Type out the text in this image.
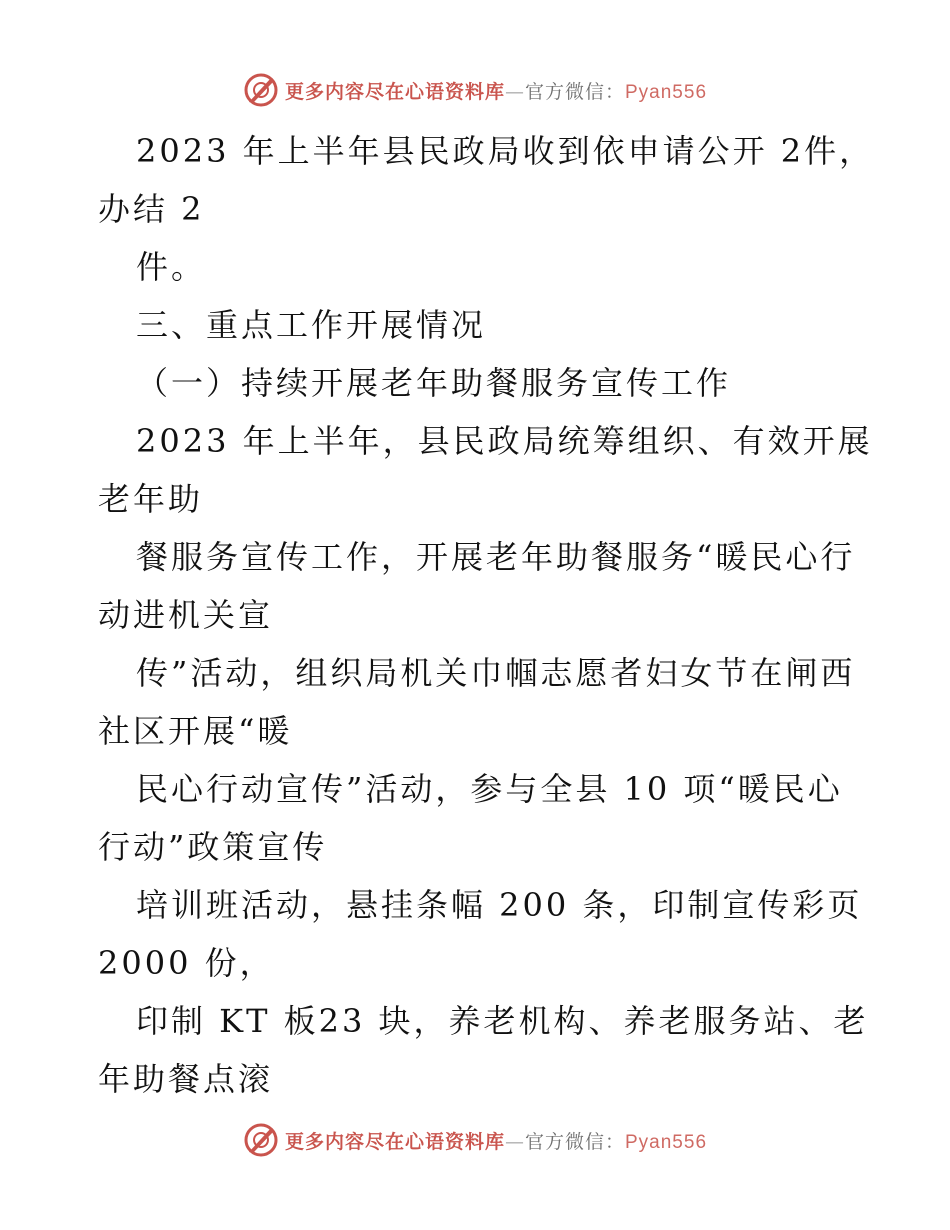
更多内容尽在心语资料库—官方微信：Pyan556
2023 年上半年县民政局收到依申请公开 2件，
办结 2
件。
三、重点工作开展情况
（一）持续开展老年助餐服务宣传工作
2023 年上半年，县民政局统筹组织、有效开展
老年助
餐服务宣传工作，开展老年助餐服务“暖民心行
动进机关宣
传”活动，组织局机关巾帼志愿者妇女节在闸西
社区开展“暖
民心行动宣传”活动，参与全县 10 项“暖民心
行动”政策宣传
培训班活动，悬挂条幅 200 条，印制宣传彩页
2000 份，
印制 KT 板23 块，养老机构、养老服务站、老
年助餐点滚
更多内容尽在心语资料库—官方微信：Pyan556
